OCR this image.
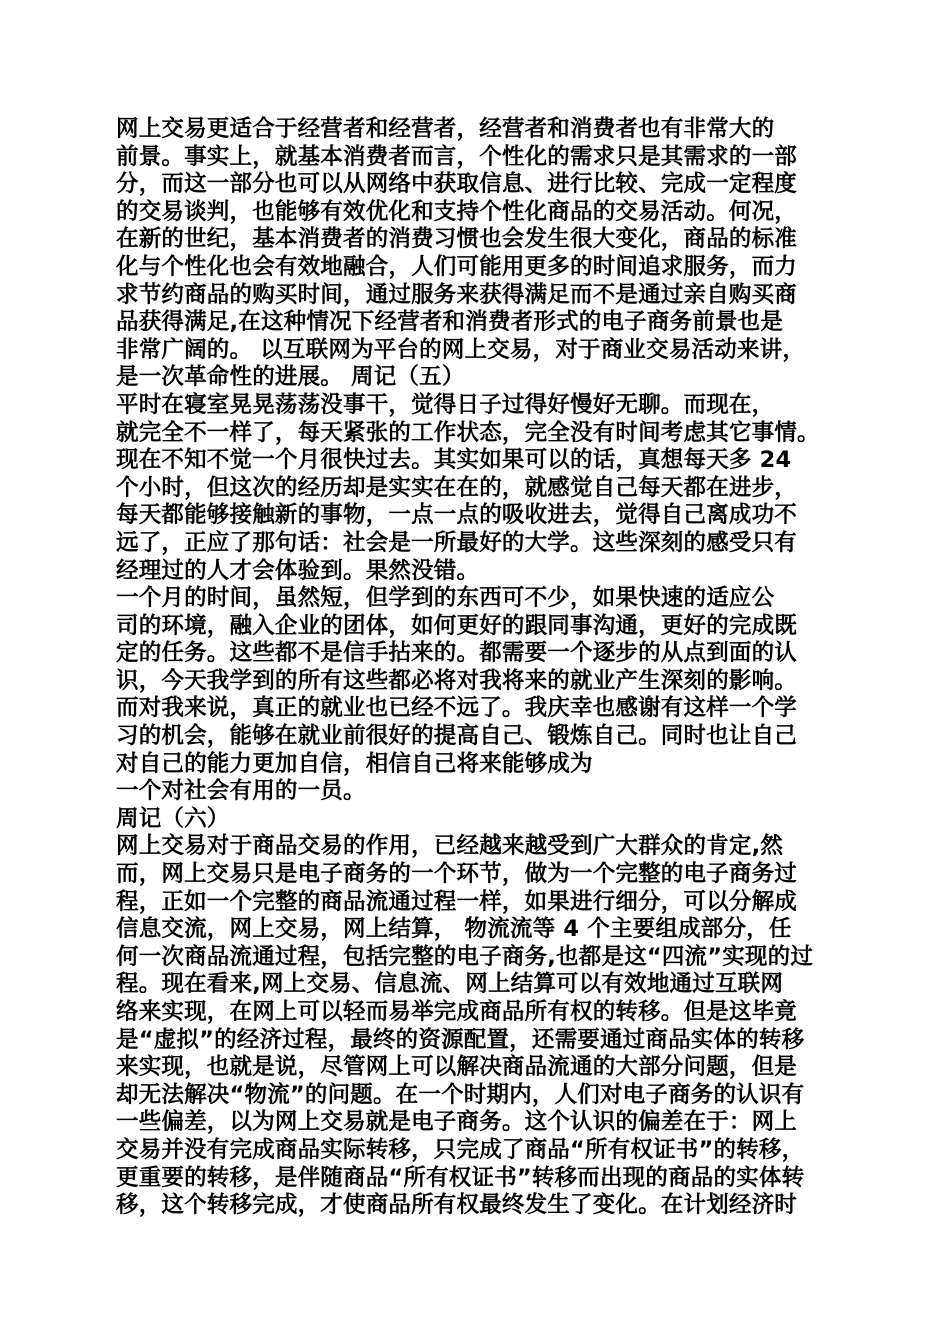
网上交易更适合于经营者和经营者，经营者和消费者也有非常大的
前景。事实上，就基本消费者而言，个性化的需求只是其需求的一部
分，而这一部分也可以从网络中获取信息、进行比较、完成一定程度
的交易谈判，也能够有效优化和支持个性化商品的交易活动。何况，
在新的世纪，基本消费者的消费习惯也会发生很大变化，商品的标准
化与个性化也会有效地融合，人们可能用更多的时间追求服务，而力
求节约商品的购买时间，通过服务来获得满足而不是通过亲自购买商
品获得满足,在这种情况下经营者和消费者形式的电子商务前景也是
非常广阔的。 以互联网为平台的网上交易，对于商业交易活动来讲，
是一次革命性的进展。 周记（五）
平时在寝室晃晃荡荡没事干，觉得日子过得好慢好无聊。而现在，
就完全不一样了，每天紧张的工作状态，完全没有时间考虑其它事情。
现在不知不觉一个月很快过去。其实如果可以的话，真想每天多 24
个小时，但这次的经历却是实实在在的，就感觉自己每天都在进步，
每天都能够接触新的事物，一点一点的吸收进去，觉得自己离成功不
远了，正应了那句话：社会是一所最好的大学。这些深刻的感受只有
经理过的人才会体验到。果然没错。
一个月的时间，虽然短，但学到的东西可不少，如果快速的适应公
司的环境，融入企业的团体，如何更好的跟同事沟通，更好的完成既
定的任务。这些都不是信手拈来的。都需要一个逐步的从点到面的认
识，今天我学到的所有这些都必将对我将来的就业产生深刻的影响。
而对我来说，真正的就业也已经不远了。我庆幸也感谢有这样一个学
习的机会，能够在就业前很好的提高自己、锻炼自己。同时也让自己
对自己的能力更加自信，相信自己将来能够成为
一个对社会有用的一员。
周记（六）
网上交易对于商品交易的作用，已经越来越受到广大群众的肯定,然
而，网上交易只是电子商务的一个环节，做为一个完整的电子商务过
程，正如一个完整的商品流通过程一样，如果进行细分，可以分解成
信息交流，网上交易，网上结算， 物流流等 4 个主要组成部分，任
何一次商品流通过程，包括完整的电子商务,也都是这“四流”实现的过
程。现在看来,网上交易、信息流、网上结算可以有效地通过互联网
络来实现，在网上可以轻而易举完成商品所有权的转移。但是这毕竟
是“虚拟”的经济过程，最终的资源配置，还需要通过商品实体的转移
来实现，也就是说，尽管网上可以解决商品流通的大部分问题，但是
却无法解决“物流”的问题。在一个时期内，人们对电子商务的认识有
一些偏差，以为网上交易就是电子商务。这个认识的偏差在于：网上
交易并没有完成商品实际转移，只完成了商品“所有权证书”的转移，
更重要的转移，是伴随商品“所有权证书”转移而出现的商品的实体转
移，这个转移完成，才使商品所有权最终发生了变化。在计划经济时
